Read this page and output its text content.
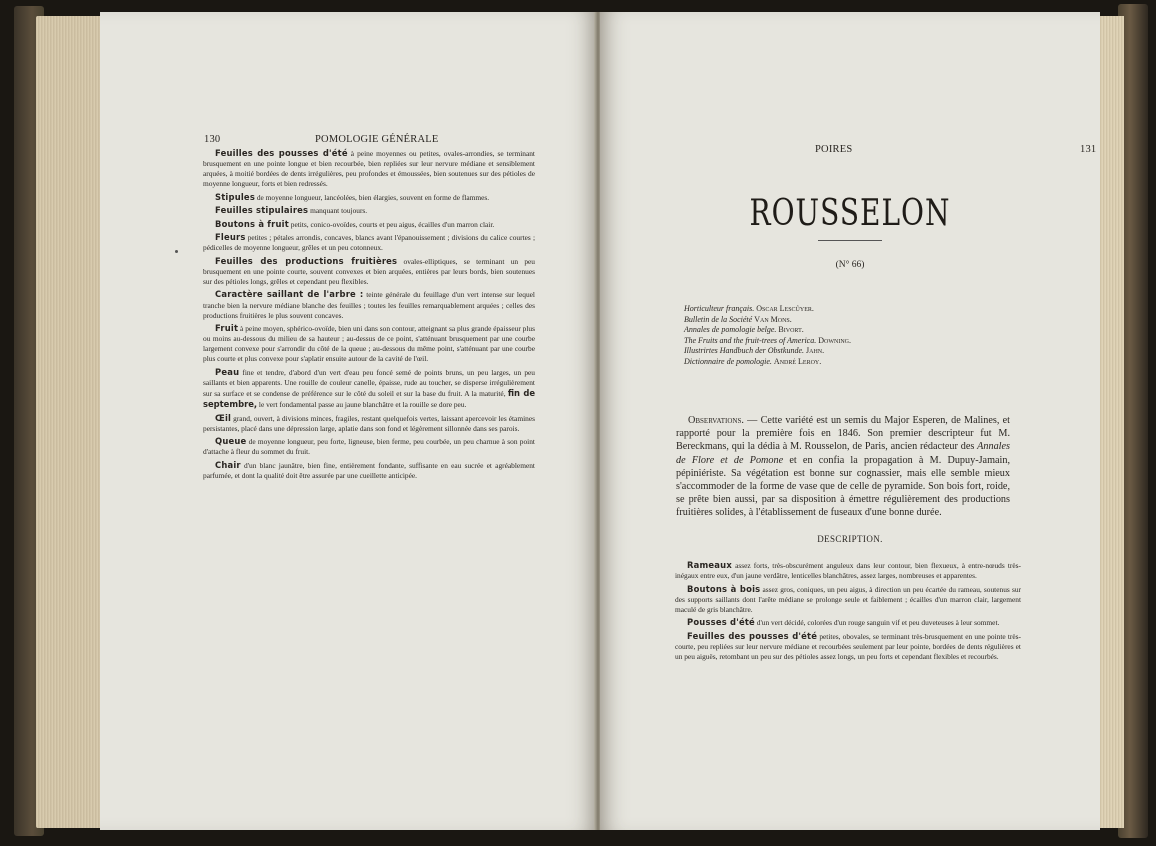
130	POMOLOGIE GÉNÉRALE

Feuilles des pousses d'été à peine moyennes ou petites, ovales-arrondies, se terminant brusquement en une pointe longue et bien recourbée, bien repliées sur leur nervure médiane et sensiblement arquées, à moitié bordées de dents irrégulières, peu profondes et émoussées, bien soutenues sur des pétioles de moyenne longueur, forts et bien redressés.

Stipules de moyenne longueur, lancéolées, bien élargies, souvent en forme de flammes.

Feuilles stipulaires manquant toujours.

Boutons à fruit petits, conico-ovoïdes, courts et peu aigus, écailles d'un marron clair.

Fleurs petites ; pétales arrondis, concaves, blancs avant l'épanouissement ; divisions du calice courtes ; pédicelles de moyenne longueur, grêles et un peu cotonneux.

Feuilles des productions fruitières ovales-elliptiques, se terminant un peu brusquement en une pointe courte, souvent convexes et bien arquées, entières par leurs bords, bien soutenues sur des pétioles longs, grêles et cependant peu flexibles.

Caractère saillant de l'arbre : teinte générale du feuillage d'un vert intense sur lequel tranche bien la nervure médiane blanche des feuilles ; toutes les feuilles remarquablement arquées ; celles des productions fruitières le plus souvent concaves.

Fruit à peine moyen, sphérico-ovoïde, bien uni dans son contour, atteignant sa plus grande épaisseur plus ou moins au-dessous du milieu de sa hauteur ; au-dessus de ce point, s'atténuant brusquement par une courbe largement convexe pour s'arrondir du côté de la queue ; au-dessous du même point, s'atténuant par une courbe plus courte et plus convexe pour s'aplatir ensuite autour de la cavité de l'œil.

Peau fine et tendre, d'abord d'un vert d'eau peu foncé semé de points bruns, un peu larges, un peu saillants et bien apparents. Une rouille de couleur canelle, épaisse, rude au toucher, se disperse irrégulièrement sur sa surface et se condense de préférence sur le côté du soleil et sur la base du fruit. A la maturité, fin de septembre, le vert fondamental passe au jaune blanchâtre et la rouille se dore peu.

Œil grand, ouvert, à divisions minces, fragiles, restant quelquefois vertes, laissant apercevoir les étamines persistantes, placé dans une dépression large, aplatie dans son fond et légèrement sillonnée dans ses parois.

Queue de moyenne longueur, peu forte, ligneuse, bien ferme, peu courbée, un peu charnue à son point d'attache à fleur du sommet du fruit.

Chair d'un blanc jaunâtre, bien fine, entièrement fondante, suffisante en eau sucrée et agréablement parfumée, et dont la qualité doit être assurée par une cueillette anticipée.

POIRES	131
ROUSSELON
(N° 66)
Horticulteur français. Oscar Lescûyer.
Bulletin de la Société Van Mons.
Annales de pomologie belge. Bivort.
The Fruits and the fruit-trees of America. Downing.
Illustrirtes Handbuch der Obstkunde. Jahn.
Dictionnaire de pomologie. André Leroy.

Observations. — Cette variété est un semis du Major Esperen, de Malines, et rapporté pour la première fois en 1846. Son premier descripteur fut M. Bereckmans, qui la dédia à M. Rousselon, de Paris, ancien rédacteur des Annales de Flore et de Pomone et en confia la propagation à M. Dupuy-Jamain, pépiniériste. Sa végétation est bonne sur cognassier, mais elle semble mieux s'accommoder de la forme de vase que de celle de pyramide. Son bois fort, roide, se prête bien aussi, par sa disposition à émettre régulièrement des productions fruitières solides, à l'établissement de fuseaux d'une bonne durée.

DESCRIPTION.

Rameaux assez forts, très-obscurément anguleux dans leur contour, bien flexueux, à entre-nœuds très-inégaux entre eux, d'un jaune verdâtre, lenticelles blanchâtres, assez larges, nombreuses et apparentes.

Boutons à bois assez gros, coniques, un peu aigus, à direction un peu écartée du rameau, soutenus sur des supports saillants dont l'arête médiane se prolonge seule et faiblement ; écailles d'un marron clair, largement maculé de gris blanchâtre.

Pousses d'été d'un vert décidé, colorées d'un rouge sanguin vif et peu duveteuses à leur sommet.

Feuilles des pousses d'été petites, obovales, se terminant très-brusquement en une pointe très-courte, peu repliées sur leur nervure médiane et recourbées seulement par leur pointe, bordées de dents régulières et un peu aiguës, retombant un peu sur des pétioles assez longs, un peu forts et cependant flexibles et recourbés.
